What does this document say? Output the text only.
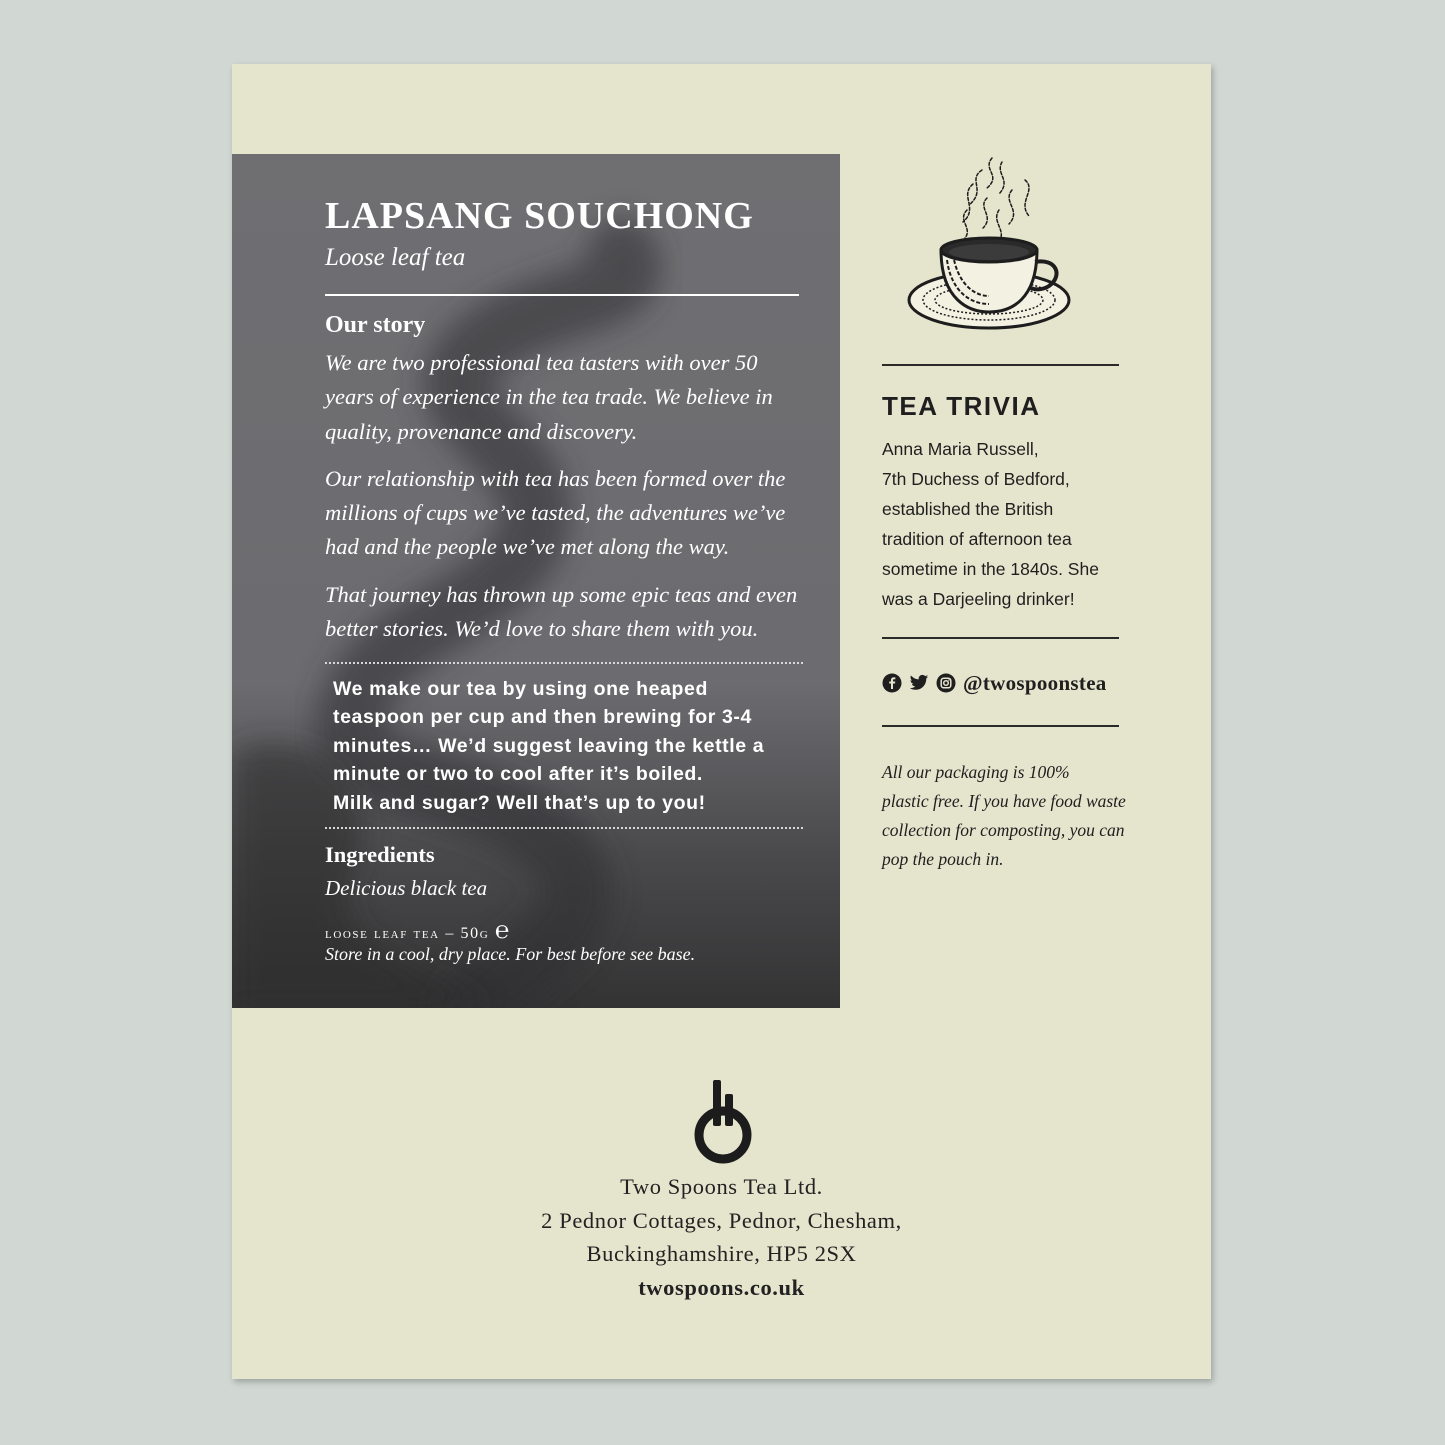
LAPSANG SOUCHONG

Loose leaf tea

Our story

We are two professional tea tasters with over 50 years of experience in the tea trade. We believe in quality, provenance and discovery.

Our relationship with tea has been formed over the millions of cups we’ve tasted, the adventures we’ve had and the people we’ve met along the way.

That journey has thrown up some epic teas and even better stories. We’d love to share them with you.

We make our tea by using one heaped
teaspoon per cup and then brewing for 3-4
minutes… We’d suggest leaving the kettle a
minute or two to cool after it’s boiled.
Milk and sugar? Well that’s up to you!
Ingredients

Delicious black tea

loose leaf tea – 50g ℮

Store in a cool, dry place. For best before see base.

TEA TRIVIA
Anna Maria Russell,
7th Duchess of Bedford,
established the British
tradition of afternoon tea
sometime in the 1840s. She
was a Darjeeling drinker!
@twospoonstea
All our packaging is 100%
plastic free. If you have food waste
collection for composting, you can
pop the pouch in.
Two Spoons Tea Ltd.
2 Pednor Cottages, Pednor, Chesham,
Buckinghamshire, HP5 2SX
twospoons.co.uk
